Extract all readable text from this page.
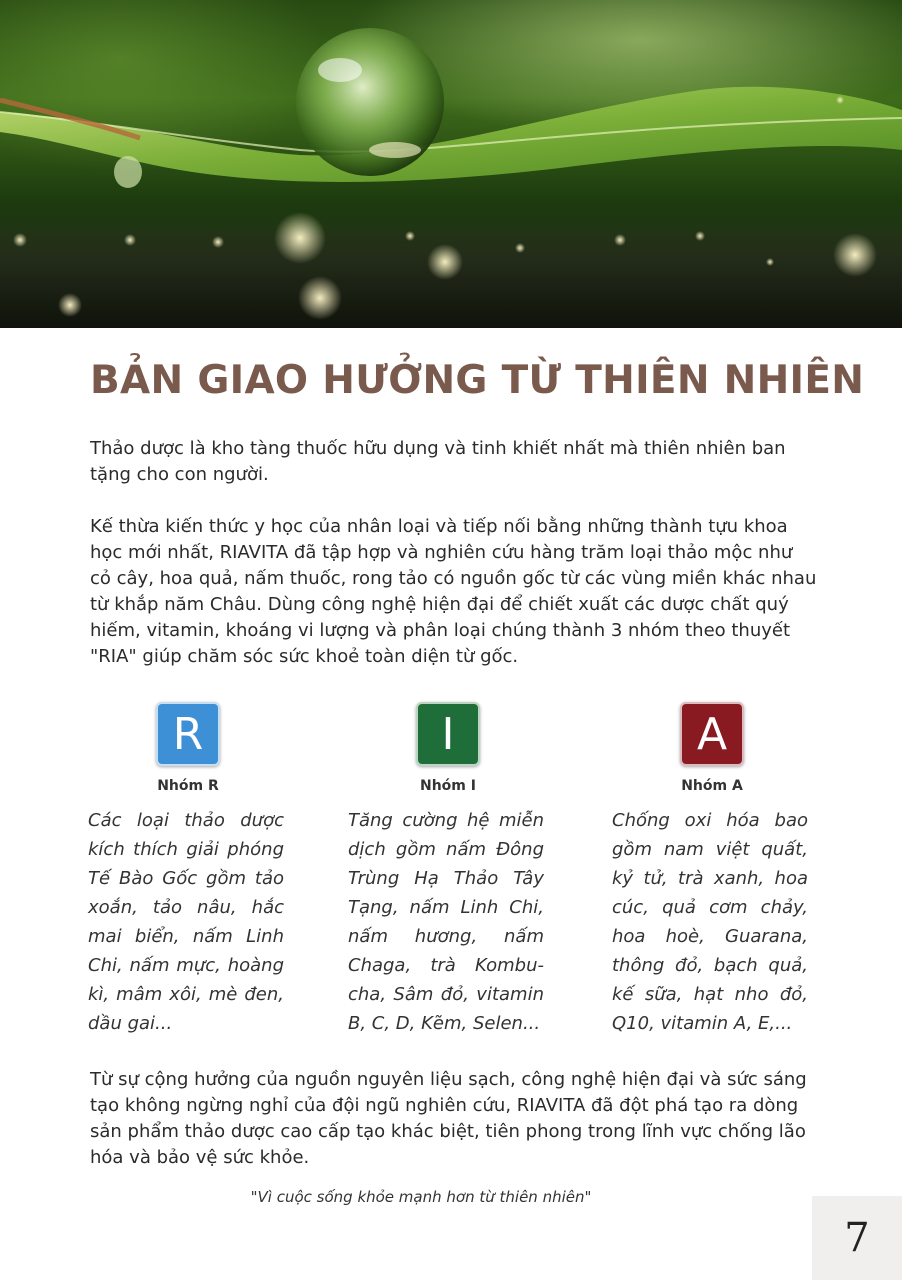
BẢN GIAO HƯỞNG TỪ THIÊN NHIÊN

Thảo dược là kho tàng thuốc hữu dụng và tinh khiết nhất mà thiên nhiên ban tặng cho con người.

Kế thừa kiến thức y học của nhân loại và tiếp nối bằng những thành tựu khoa học mới nhất, RIAVITA đã tập hợp và nghiên cứu hàng trăm loại thảo mộc như cỏ cây, hoa quả, nấm thuốc, rong tảo có nguồn gốc từ các vùng miền khác nhau từ khắp năm Châu. Dùng công nghệ hiện đại để chiết xuất các dược chất quý hiếm, vitamin, khoáng vi lượng và phân loại chúng thành 3 nhóm theo thuyết "RIA" giúp chăm sóc sức khoẻ toàn diện từ gốc.

R
Nhóm R
Các loại thảo dược kích thích giải phóng Tế Bào Gốc gồm tảo xoắn, tảo nâu, hắc mai biển, nấm Linh Chi, nấm mực, hoàng kì, mâm xôi, mè đen, dầu gai...
I
Nhóm I
Tăng cường hệ miễn dịch gồm nấm Đông Trùng Hạ Thảo Tây Tạng, nấm Linh Chi, nấm hương, nấm Chaga, trà Kombu-cha, Sâm đỏ, vitamin B, C, D, Kẽm, Selen...
A
Nhóm A
Chống oxi hóa bao gồm nam việt quất, kỷ tử, trà xanh, hoa cúc, quả cơm chảy, hoa hoè, Guarana, thông đỏ, bạch quả, kế sữa, hạt nho đỏ, Q10, vitamin A, E,...

Từ sự cộng hưởng của nguồn nguyên liệu sạch, công nghệ hiện đại và sức sáng tạo không ngừng nghỉ của đội ngũ nghiên cứu, RIAVITA đã đột phá tạo ra dòng sản phẩm thảo dược cao cấp tạo khác biệt, tiên phong trong lĩnh vực chống lão hóa và bảo vệ sức khỏe.

"Vì cuộc sống khỏe mạnh hơn từ thiên nhiên"
7
